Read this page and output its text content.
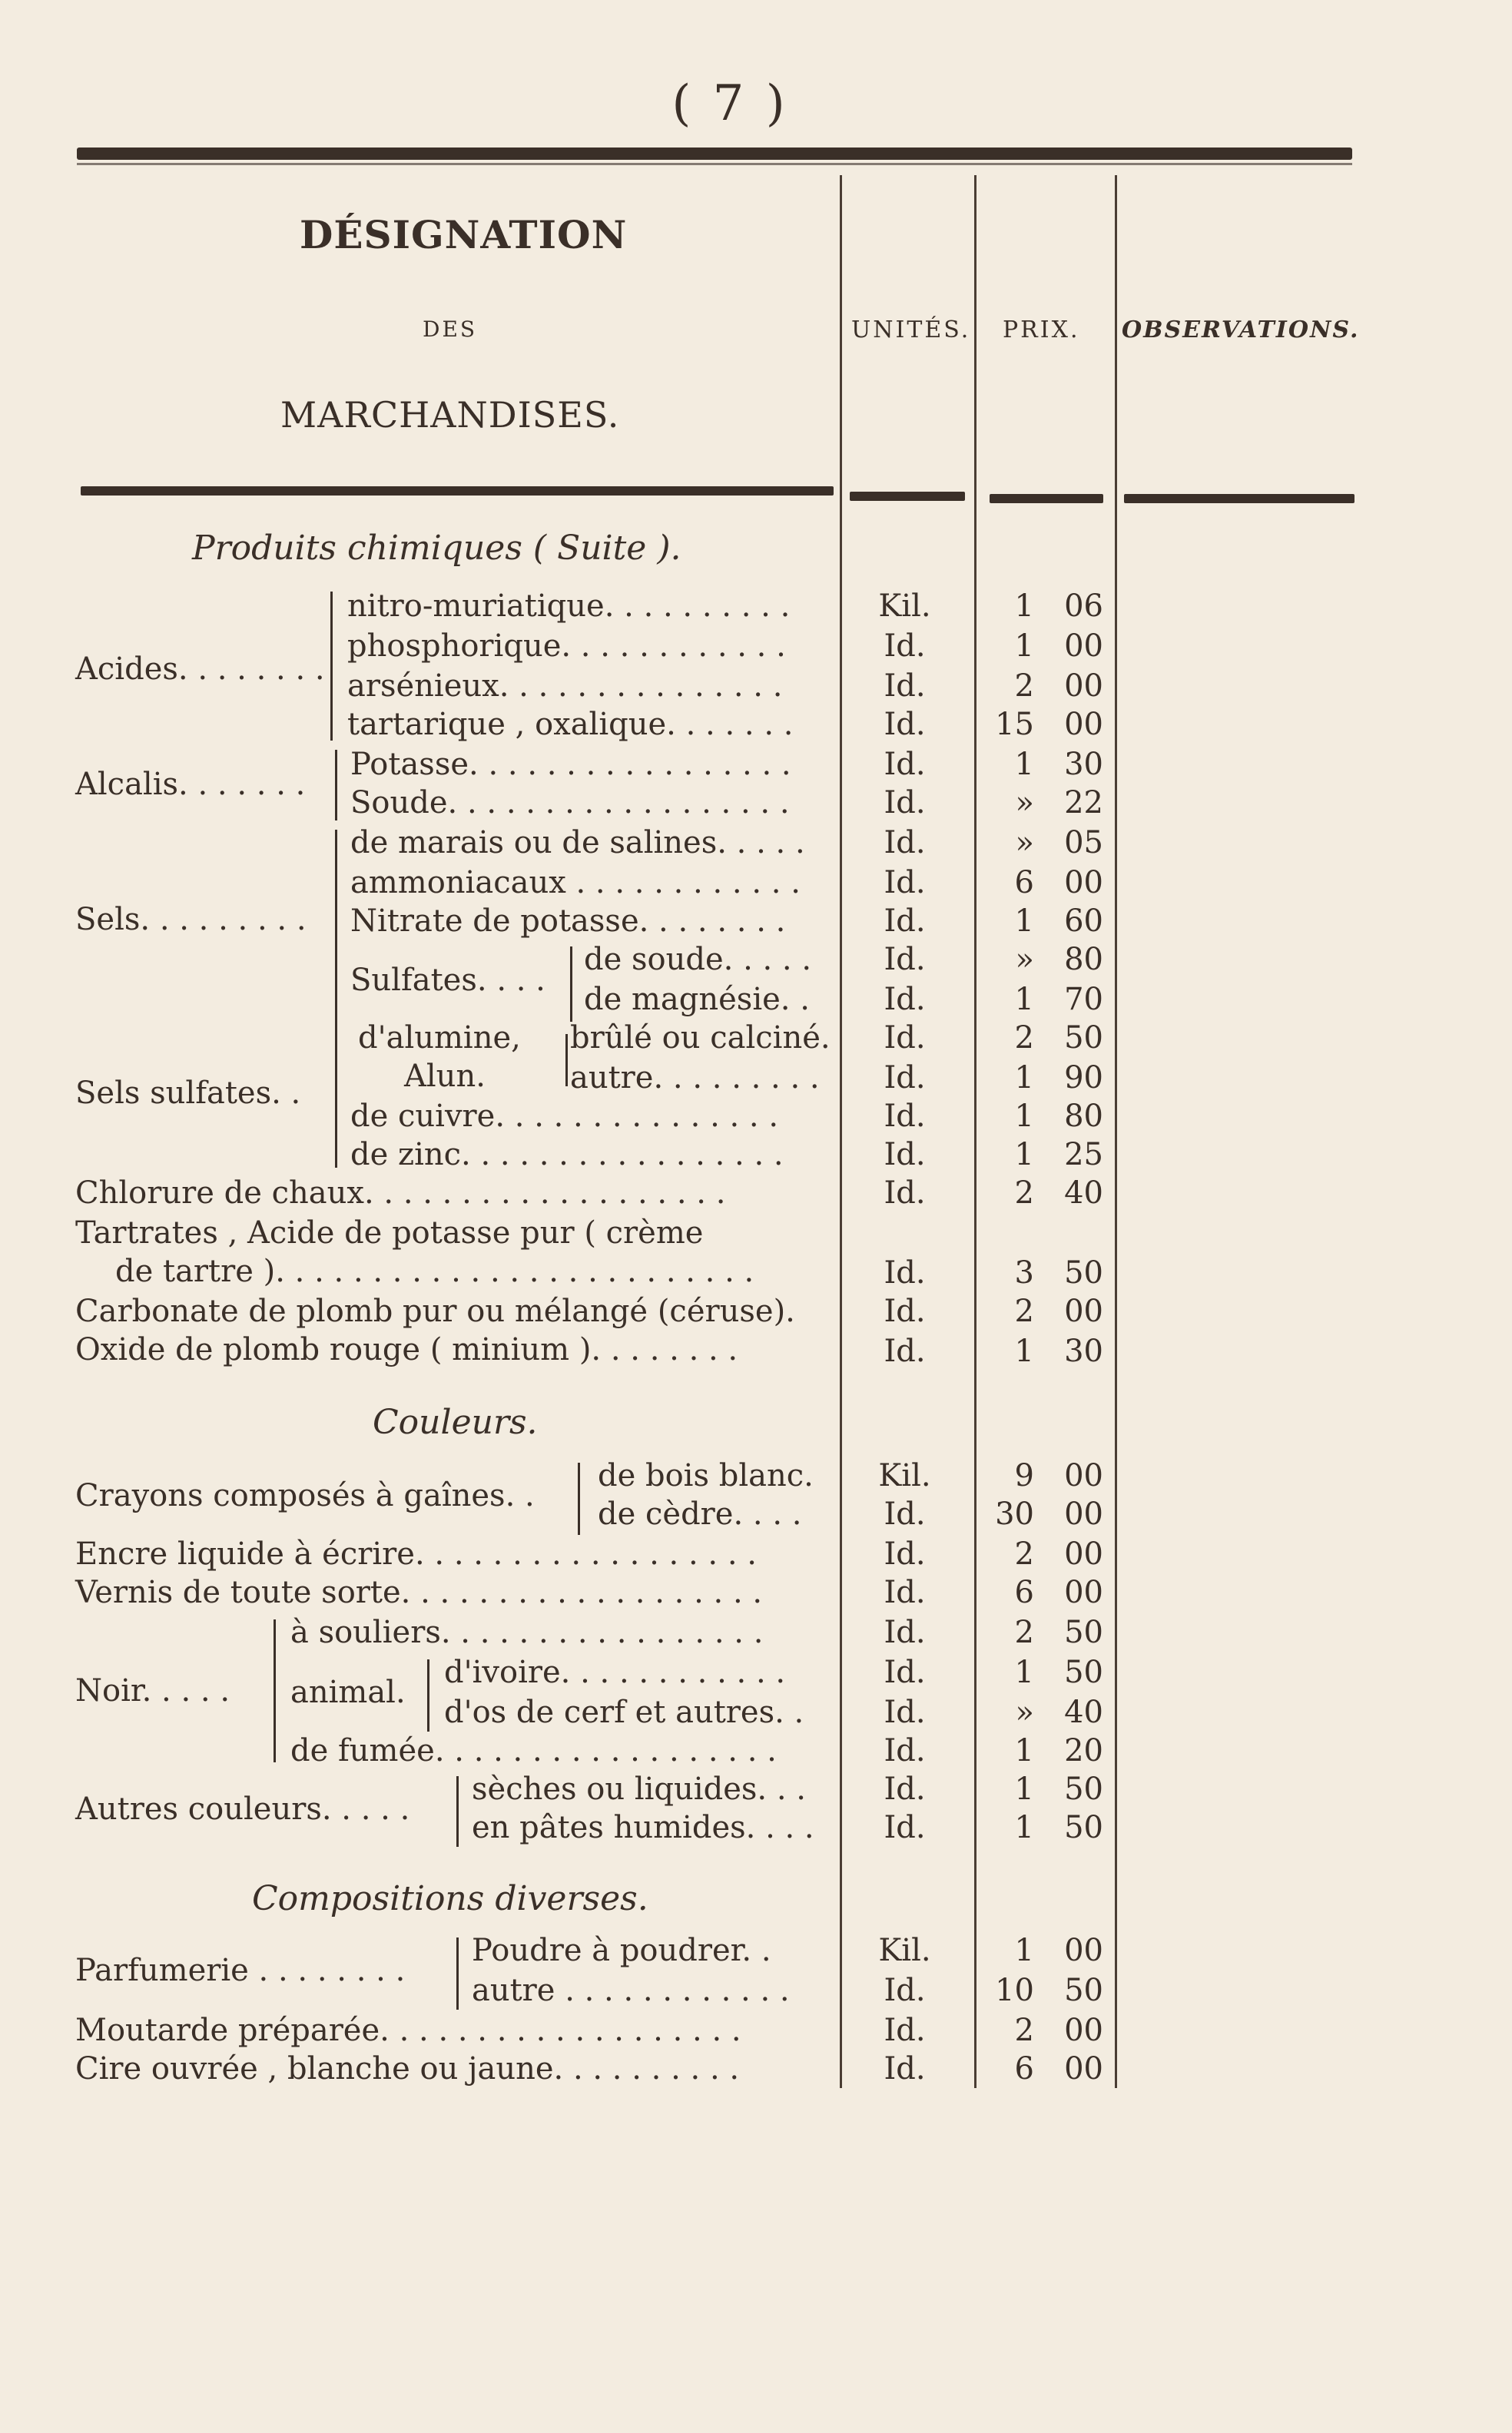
( 7 )
DÉSIGNATION
DES
MARCHANDISES.
UNITÉS. PRIX. OBSERVATIONS.
Produits chimiques ( Suite ).
Acides. . . . . . . .
nitro-muriatique. . . . . . . . . .	Kil.	1 06
phosphorique. . . . . . . . . . . .	Id.	1 00
arsénieux. . . . . . . . . . . . . . .	Id.	2 00
tartarique , oxalique. . . . . . .	Id.	15 00
Alcalis. . . . . . .
Potasse. . . . . . . . . . . . . . . . .	Id.	1 30
Soude. . . . . . . . . . . . . . . . . .	Id.	» 22
Sels. . . . . . . . .
de marais ou de salines. . . . .	Id.	» 05
ammoniacaux . . . . . . . . . . . .	Id.	6 00
Nitrate de potasse. . . . . . . .	Id.	1 60
Sulfates. . . .
de soude. . . . .	Id.	» 80
de magnésie. .	Id.	1 70
Sels sulfates. .
d'alumine,
Alun.
brûlé ou calciné.	Id.	2 50
autre. . . . . . . . .	Id.	1 90
de cuivre. . . . . . . . . . . . . . .	Id.	1 80
de zinc. . . . . . . . . . . . . . . . .	Id.	1 25
Chlorure de chaux. . . . . . . . . . . . . . . . . . .	Id.	2 40
Tartrates , Acide de potasse pur ( crème
de tartre ). . . . . . . . . . . . . . . . . . . . . . . . .	Id.	3 50
Carbonate de plomb pur ou mélangé (céruse).	Id.	2 00
Oxide de plomb rouge ( minium ). . . . . . . .	Id.	1 30
Couleurs.
Crayons composés à gaînes. .
de bois blanc.	Kil.	9 00
de cèdre. . . .	Id.	30 00
Encre liquide à écrire. . . . . . . . . . . . . . . . . .	Id.	2 00
Vernis de toute sorte. . . . . . . . . . . . . . . . . . .	Id.	6 00
Noir. . . . .
à souliers. . . . . . . . . . . . . . . . .	Id.	2 50
animal.
d'ivoire. . . . . . . . . . . .	Id.	1 50
d'os de cerf et autres. .	Id.	» 40
de fumée. . . . . . . . . . . . . . . . . .	Id.	1 20
Autres couleurs. . . . .
sèches ou liquides. . .	Id.	1 50
en pâtes humides. . . .	Id.	1 50
Compositions diverses.
Parfumerie . . . . . . . .
Poudre à poudrer. .	Kil.	1 00
autre . . . . . . . . . . . .	Id.	10 50
Moutarde préparée. . . . . . . . . . . . . . . . . . .	Id.	2 00
Cire ouvrée , blanche ou jaune. . . . . . . . . .	Id.	6 00
